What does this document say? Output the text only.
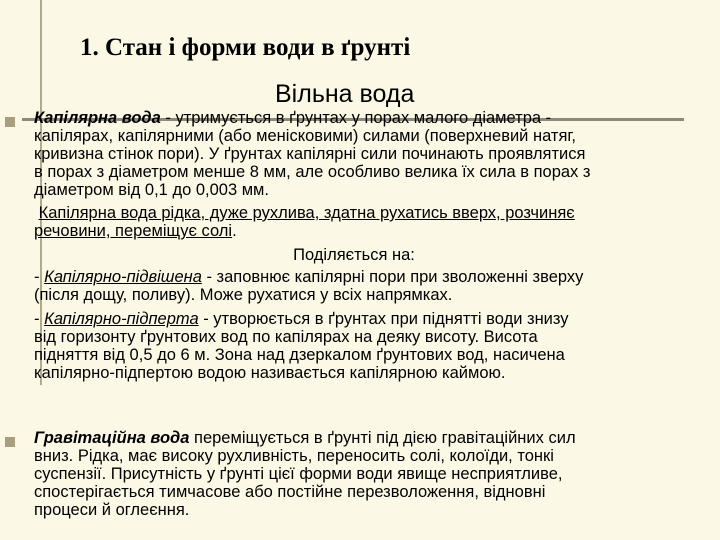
1. Стан і форми води в ґрунті
Вільна вода
Капілярна вода - утримується в ґрунтах у порах малого діаметра -
капілярах, капілярними (або менісковими) силами (поверхневий натяг,
кривизна стінок пори). У ґрунтах капілярні сили починають проявлятися
в порах з діаметром менше 8 мм, але особливо велика їх сила в порах з
діаметром від 0,1 до 0,003 мм.
Капілярна вода рідка, дуже рухлива, здатна рухатись вверх, розчиняє
речовини, переміщує солі.
Поділяється на:
- Капілярно-підвішена - заповнює капілярні пори при зволоженні зверху
(після дощу, поливу). Може рухатися у всіх напрямках.
- Капілярно-підперта - утворюється в ґрунтах при піднятті води знизу
від горизонту ґрунтових вод по капілярах на деяку висоту. Висота
підняття від 0,5 до 6 м. Зона над дзеркалом ґрунтових вод, насичена
капілярно-підпертою водою називається капілярною каймою.
Гравітаційна вода переміщується в ґрунті під дією гравітаційних сил
вниз. Рідка, має високу рухливність, переносить солі, колоїди, тонкі
суспензії. Присутність у ґрунті цієї форми води явище несприятливе,
спостерігається тимчасове або постійне перезволоження, відновні
процеси й оглеєння.
